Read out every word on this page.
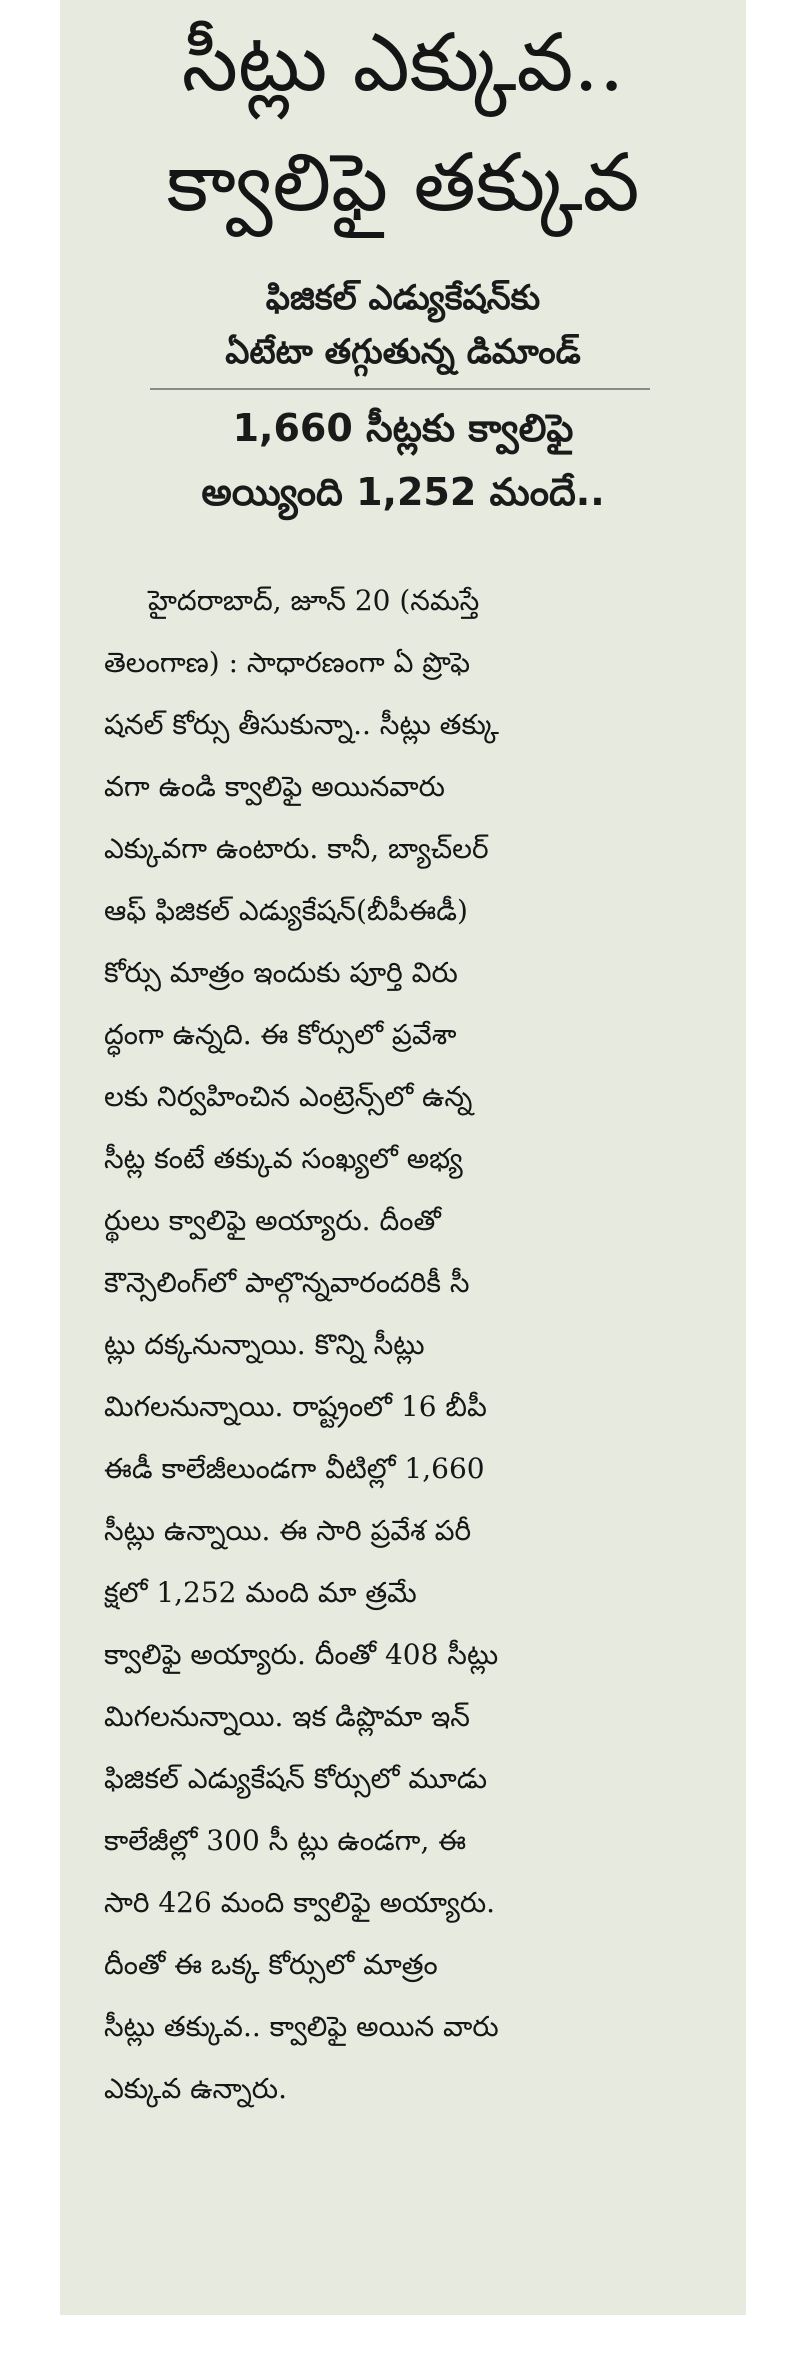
సీట్లు ఎక్కువ..
క్వాలిఫై తక్కువ

ఫిజికల్ ఎడ్యుకేషన్‌కు

ఏటేటా తగ్గుతున్న డిమాండ్

1,660 సీట్లకు క్వాలిఫై

అయ్యింది 1,252 మందే..

హైదరాబాద్, జూన్ 20 (నమస్తే
తెలంగాణ) : సాధారణంగా ఏ ప్రొఫె
షనల్ కోర్సు తీసుకున్నా.. సీట్లు తక్కు
వగా ఉండి క్వాలిఫై అయినవారు
ఎక్కువగా ఉంటారు. కానీ, బ్యాచ్‌లర్
ఆఫ్ ఫిజికల్ ఎడ్యుకేషన్(బీపీఈడీ)
కోర్సు మాత్రం ఇందుకు పూర్తి విరు
ద్ధంగా ఉన్నది. ఈ కోర్సులో ప్రవేశా
లకు నిర్వహించిన ఎంట్రెన్స్‌లో ఉన్న
సీట్ల కంటే తక్కువ సంఖ్యలో అభ్య
ర్థులు క్వాలిఫై అయ్యారు. దీంతో
కౌన్సెలింగ్‌లో పాల్గొన్నవారందరికీ సీ
ట్లు దక్కనున్నాయి. కొన్ని సీట్లు
మిగలనున్నాయి. రాష్ట్రంలో 16 బీపీ
ఈడీ కాలేజీలుండగా వీటిల్లో 1,660
సీట్లు ఉన్నాయి. ఈ సారి ప్రవేశ పరీ
క్షలో 1,252 మంది మా త్రమే
క్వాలిఫై అయ్యారు. దీంతో 408 సీట్లు
మిగలనున్నాయి. ఇక డిప్లొమా ఇన్
ఫిజికల్ ఎడ్యుకేషన్ కోర్సులో మూడు
కాలేజీల్లో 300 సీ ట్లు ఉండగా, ఈ
సారి 426 మంది క్వాలిఫై అయ్యారు.
దీంతో ఈ ఒక్క కోర్సులో మాత్రం
సీట్లు తక్కువ.. క్వాలిఫై అయిన వారు
ఎక్కువ ఉన్నారు.
